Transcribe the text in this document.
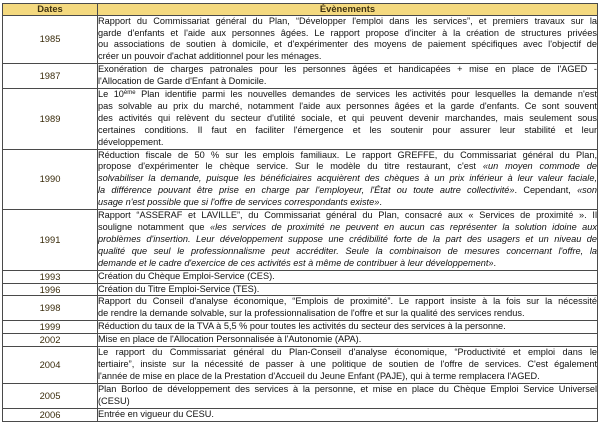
Dates	Évènements
1985	Rapport du Commissariat général du Plan, “Développer l'emploi dans les services”, et premiers travaux sur la
garde d'enfants et l'aide aux personnes âgées. Le rapport propose d'inciter à la création de structures privées
ou associations de soutien à domicile, et d'expérimenter des moyens de paiement spécifiques avec l'objectif de
créer un pouvoir d'achat additionnel pour les ménages.

1987	Exonération de charges patronales pour les personnes âgées et handicapées + mise en place de l'AGED -
l'Allocation de Garde d'Enfant à Domicile.

1989	Le 10ème Plan identifie parmi les nouvelles demandes de services les activités pour lesquelles la demande n'est
pas solvable au prix du marché, notamment l'aide aux personnes âgées et la garde d'enfants. Ce sont souvent
des activités qui relèvent du secteur d'utilité sociale, et qui peuvent devenir marchandes, mais seulement sous
certaines conditions. Il faut en faciliter l'émergence et les soutenir pour assurer leur stabilité et leur
développement.

1990	Réduction fiscale de 50 % sur les emplois familiaux. Le rapport GREFFE, du Commissariat général du Plan,
propose d'expérimenter le chèque service. Sur le modèle du titre restaurant, c'est «un moyen commode de
solvabiliser la demande, puisque les bénéficiaires acquièrent des chèques à un prix inférieur à leur valeur faciale,
la différence pouvant être prise en charge par l'employeur, l'État ou toute autre collectivité». Cependant, «son
usage n'est possible que si l'offre de services correspondants existe».

1991	Rapport “ASSERAF et LAVILLE”, du Commissariat général du Plan, consacré aux « Services de proximité ». Il
souligne notamment que «les services de proximité ne peuvent en aucun cas représenter la solution idoine aux
problèmes d'insertion. Leur développement suppose une crédibilité forte de la part des usagers et un niveau de
qualité que seul le professionnalisme peut accréditer. Seule la combinaison de mesures concernant l'offre, la
demande et le cadre d'exercice de ces activités est à même de contribuer à leur développement».

1993	Création du Chèque Emploi-Service (CES).

1996	Création du Titre Emploi-Service (TES).

1998	Rapport du Conseil d'analyse économique, “Emplois de proximité”. Le rapport insiste à la fois sur la nécessité
de rendre la demande solvable, sur la professionnalisation de l'offre et sur la qualité des services rendus.

1999	Réduction du taux de la TVA à 5,5 % pour toutes les activités du secteur des services à la personne.

2002	Mise en place de l'Allocation Personnalisée à l'Autonomie (APA).

2004	Le rapport du Commissariat général du Plan-Conseil d'analyse économique, “Productivité et emploi dans le
tertiaire”, insiste sur la nécessité de passer à une politique de soutien de l'offre de services. C'est également
l'année de mise en place de la Prestation d'Accueil du Jeune Enfant (PAJE), qui à terme remplacera l'AGED.

2005	Plan Borloo de développement des services à la personne, et mise en place du Chèque Emploi Service Universel
(CESU)

2006	Entrée en vigueur du CESU.
